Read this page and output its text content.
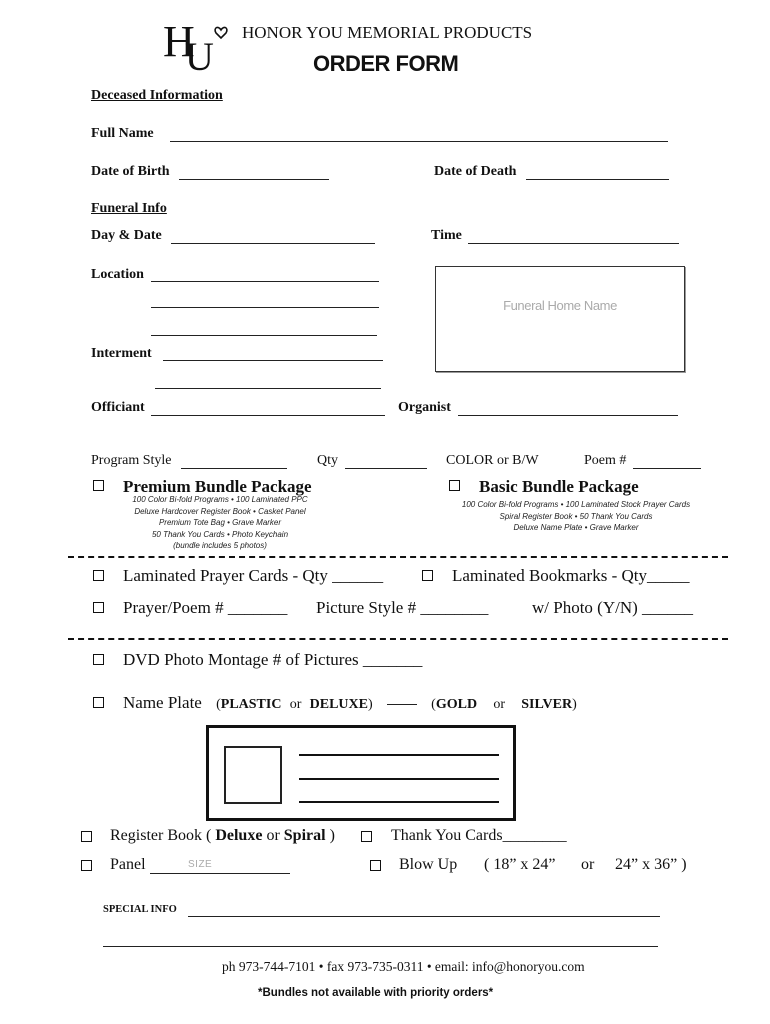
H
U
HONOR YOU MEMORIAL PRODUCTS
ORDER FORM
Deceased Information
Full Name
Date of Birth	Date of Death
Funeral Info
Day & Date	Time
Location
Interment
Funeral Home Name
Officiant	Organist
Program Style	Qty	COLOR or B/W	Poem #
Premium Bundle Package
100 Color Bi-fold Programs • 100 Laminated PPC
Deluxe Hardcover Register Book • Casket Panel
Premium Tote Bag • Grave Marker
50 Thank You Cards • Photo Keychain
(bundle includes 5 photos)
Basic Bundle Package
100 Color Bi-fold Programs • 100 Laminated Stock Prayer Cards
Spiral Register Book • 50 Thank You Cards
Deluxe Name Plate • Grave Marker
Laminated Prayer Cards - Qty ______	Laminated Bookmarks - Qty_____
Prayer/Poem # _______ Picture Style # ________	w/ Photo (Y/N) ______
DVD Photo Montage # of Pictures _______
Name Plate (PLASTIC or DELUXE)	(GOLD or SILVER)
Register Book ( Deluxe or Spiral )	Thank You Cards________
Panel	SIZE	Blow Up ( 18” x 24” or 24” x 36” )
SPECIAL INFO
ph 973-744-7101 • fax 973-735-0311 • email: info@honoryou.com
*Bundles not available with priority orders*
